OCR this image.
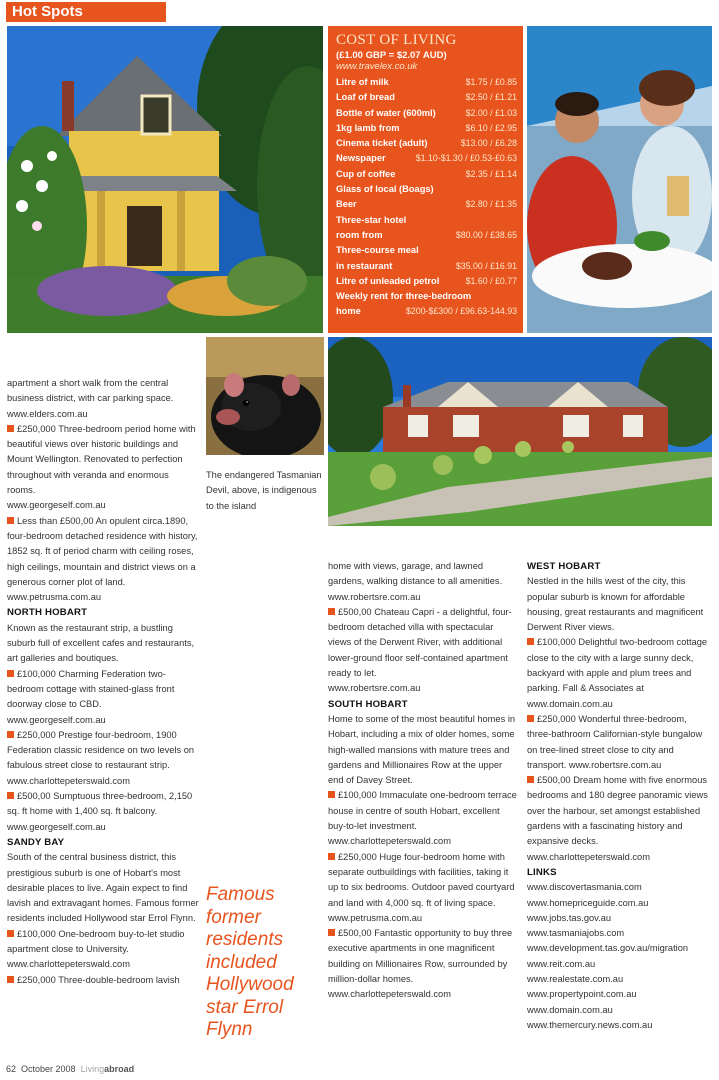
Hot Spots
COST OF LIVING
(£1.00 GBP = $2.07 AUD)
www.travelex.co.uk
Litre of milk	$1.75 / £0.85
Loaf of bread	$2.50 / £1.21
Bottle of water (600ml)	$2.00 / £1.03
1kg lamb from	$6.10 / £2.95
Cinema ticket (adult)	$13.00 / £6.28
Newspaper	$1.10-$1.30 / £0.53-£0.63
Cup of coffee	$2.35 / £1.14
Glass of local (Boags)
Beer	$2.80 / £1.35
Three-star hotel
room from	$80.00 / £38.65
Three-course meal
in restaurant	$35.00 / £16.91
Litre of unleaded petrol	$1.60 / £0.77
Weekly rent for three-bedroom
home	$200-$£300 / £96.63-144.93
The endangered Tasmanian Devil, above, is indigenous to the island

apartment a short walk from the central business district, with car parking space.

www.elders.com.au

£250,000 Three-bedroom period home with beautiful views over historic buildings and Mount Wellington. Renovated to perfection throughout with veranda and enormous rooms.

www.georgeself.com.au

Less than £500,00 An opulent circa.1890, four-bedroom detached residence with history, 1852 sq. ft of period charm with ceiling roses, high ceilings, mountain and district views on a generous corner plot of land.

www.petrusma.com.au

NORTH HOBART

Known as the restaurant strip, a bustling suburb full of excellent cafes and restaurants, art galleries and boutiques.

£100,000 Charming Federation two-bedroom cottage with stained-glass front doorway close to CBD.

www.georgeself.com.au

£250,000 Prestige four-bedroom, 1900 Federation classic residence on two levels on fabulous street close to restaurant strip.

www.charlottepeterswald.com

£500,00 Sumptuous three-bedroom, 2,150 sq. ft home with 1,400 sq. ft balcony.

www.georgeself.com.au

SANDY BAY

South of the central business district, this prestigious suburb is one of Hobart's most desirable places to live. Again expect to find lavish and extravagant homes. Famous former residents included Hollywood star Errol Flynn.

£100,000 One-bedroom buy-to-let studio apartment close to University.

www.charlottepeterswald.com

£250,000 Three-double-bedroom lavish

Famous former residents included Hollywood star Errol Flynn

home with views, garage, and lawned gardens, walking distance to all amenities.

www.robertsre.com.au

£500,00 Chateau Capri - a delightful, four-bedroom detached villa with spectacular views of the Derwent River, with additional lower-ground floor self-contained apartment ready to let.

www.robertsre.com.au

SOUTH HOBART

Home to some of the most beautiful homes in Hobart, including a mix of older homes, some high-walled mansions with mature trees and gardens and Millionaires Row at the upper end of Davey Street.

£100,000 Immaculate one-bedroom terrace house in centre of south Hobart, excellent buy-to-let investment.

www.charlottepeterswald.com

£250,000 Huge four-bedroom home with separate outbuildings with facilities, taking it up to six bedrooms. Outdoor paved courtyard and land with 4,000 sq. ft of living space.

www.petrusma.com.au

£500,00 Fantastic opportunity to buy three executive apartments in one magnificent building on Millionaires Row, surrounded by million-dollar homes.

www.charlottepeterswald.com

WEST HOBART

Nestled in the hills west of the city, this popular suburb is known for affordable housing, great restaurants and magnificent Derwent River views.

£100,000 Delightful two-bedroom cottage close to the city with a large sunny deck, backyard with apple and plum trees and parking. Fall & Associates at

www.domain.com.au

£250,000 Wonderful three-bedroom, three-bathroom Californian-style bungalow on tree-lined street close to city and transport. www.robertsre.com.au

£500,00 Dream home with five enormous bedrooms and 180 degree panoramic views over the harbour, set amongst established gardens with a fascinating history and expansive decks.

www.charlottepeterswald.com

LINKS

www.discovertasmania.com

www.homepriceguide.com.au

www.jobs.tas.gov.au

www.tasmaniajobs.com

www.development.tas.gov.au/migration

www.reit.com.au

www.realestate.com.au

www.propertypoint.com.au

www.domain.com.au

www.themercury.news.com.au

62 October 2008 Livingabroad
